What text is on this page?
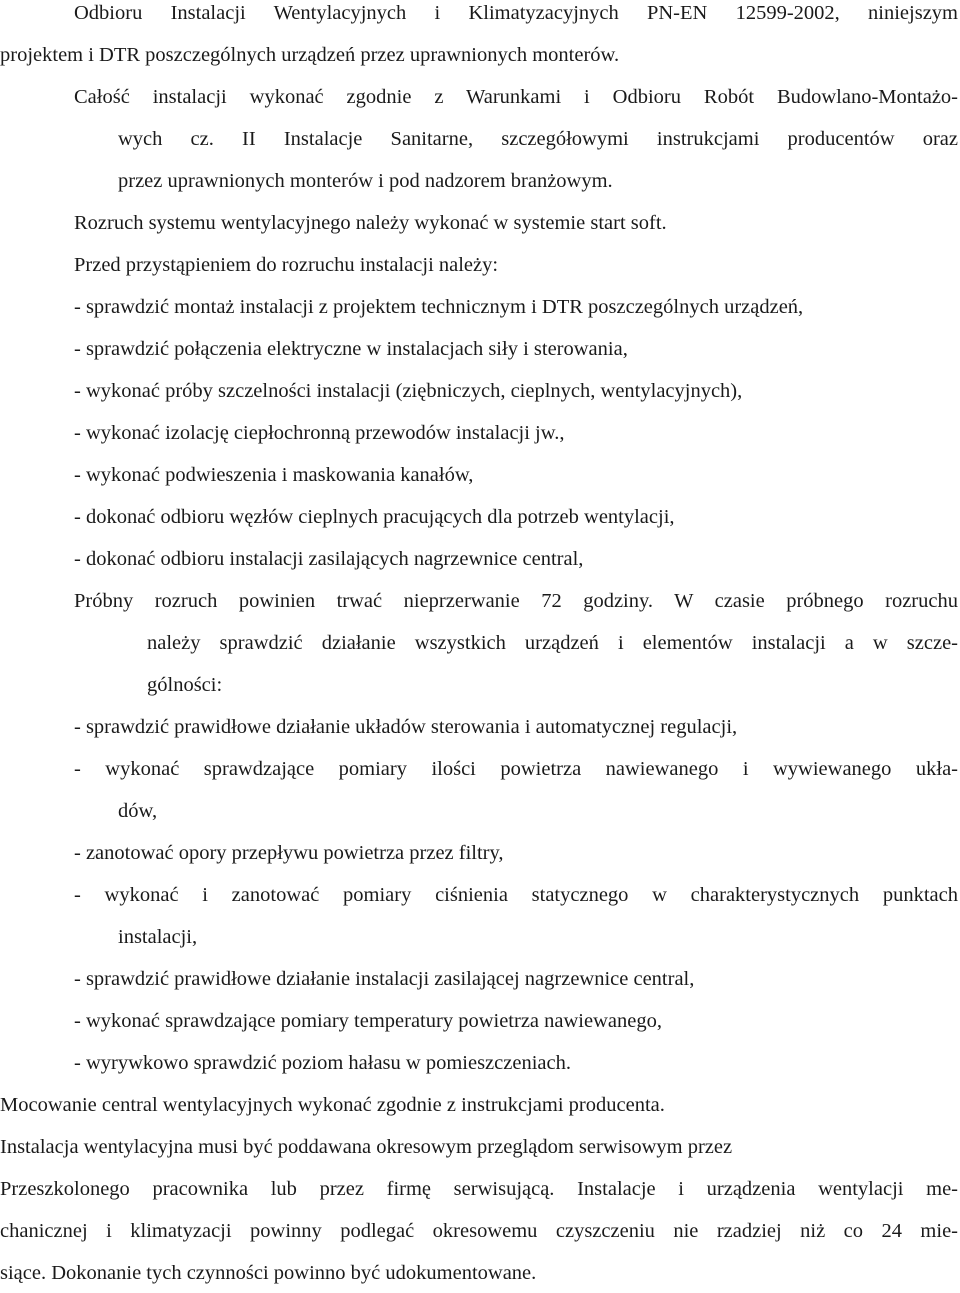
Odbioru Instalacji Wentylacyjnych i Klimatyzacyjnych PN-EN 12599-2002, niniejszym
projektem i DTR poszczególnych urządzeń przez uprawnionych monterów.
Całość instalacji wykonać zgodnie z Warunkami i Odbioru Robót Budowlano-Montażo-
wych cz. II Instalacje Sanitarne, szczegółowymi instrukcjami producentów oraz
przez uprawnionych monterów i pod nadzorem branżowym.
Rozruch systemu wentylacyjnego należy wykonać w systemie start soft.
Przed przystąpieniem do rozruchu instalacji należy:
- sprawdzić montaż instalacji z projektem technicznym i DTR poszczególnych urządzeń,
- sprawdzić połączenia elektryczne w instalacjach siły i sterowania,
- wykonać próby szczelności instalacji (ziębniczych, cieplnych, wentylacyjnych),
- wykonać izolację ciepłochronną przewodów instalacji jw.,
- wykonać podwieszenia i maskowania kanałów,
- dokonać odbioru węzłów cieplnych pracujących dla potrzeb wentylacji,
- dokonać odbioru instalacji zasilających nagrzewnice central,
Próbny rozruch powinien trwać nieprzerwanie 72 godziny. W czasie próbnego rozruchu
należy sprawdzić działanie wszystkich urządzeń i elementów instalacji a w szcze-
gólności:
- sprawdzić prawidłowe działanie układów sterowania i automatycznej regulacji,
- wykonać sprawdzające pomiary ilości powietrza nawiewanego i wywiewanego ukła-
dów,
- zanotować opory przepływu powietrza przez filtry,
- wykonać i zanotować pomiary ciśnienia statycznego w charakterystycznych punktach
instalacji,
- sprawdzić prawidłowe działanie instalacji zasilającej nagrzewnice central,
- wykonać sprawdzające pomiary temperatury powietrza nawiewanego,
- wyrywkowo sprawdzić poziom hałasu w pomieszczeniach.
Mocowanie central wentylacyjnych wykonać zgodnie z instrukcjami producenta.
Instalacja wentylacyjna musi być poddawana okresowym przeglądom serwisowym przez
Przeszkolonego pracownika lub przez firmę serwisującą. Instalacje i urządzenia wentylacji me-
chanicznej i klimatyzacji powinny podlegać okresowemu czyszczeniu nie rzadziej niż co 24 mie-
siące. Dokonanie tych czynności powinno być udokumentowane.
